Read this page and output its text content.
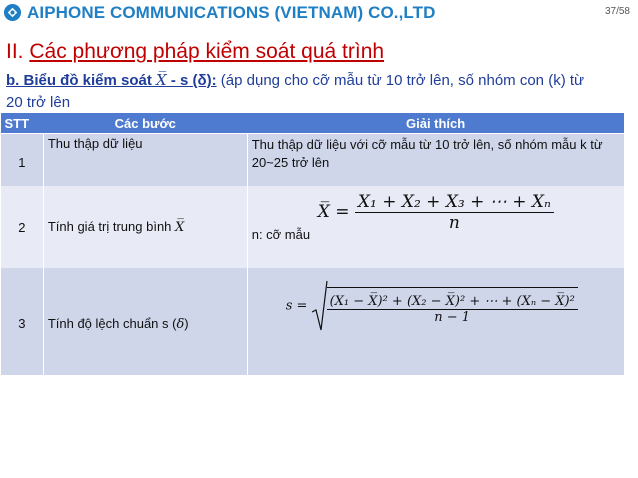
AIPHONE COMMUNICATIONS (VIETNAM) CO.,LTD	37/58
II. Các phương pháp kiểm soát quá trình
b. Biểu đồ kiểm soát X̅ - s (δ): (áp dụng cho cỡ mẫu từ 10 trở lên, số nhóm con (k) từ
20 trở lên
STT	Các bước	Giải thích

1	Thu thập dữ liệu	Thu thập dữ liệu với cỡ mẫu từ 10 trở lên, số nhóm mẫu k từ 20~25 trở lên

2	Tính giá trị trung bình X̅	X̅ = $\frac{\text{X₁ + X₂ + X₃ + ⋯ + Xₙ}}{n}$
n: cỡ mẫu

3	Tính độ lệch chuẩn s (δ)	$s = \frac{\text{(X₁ − X̅)² + (X₂ − X̅)² + ⋯ + (Xₙ − X̅)²}}{n - 1}$
